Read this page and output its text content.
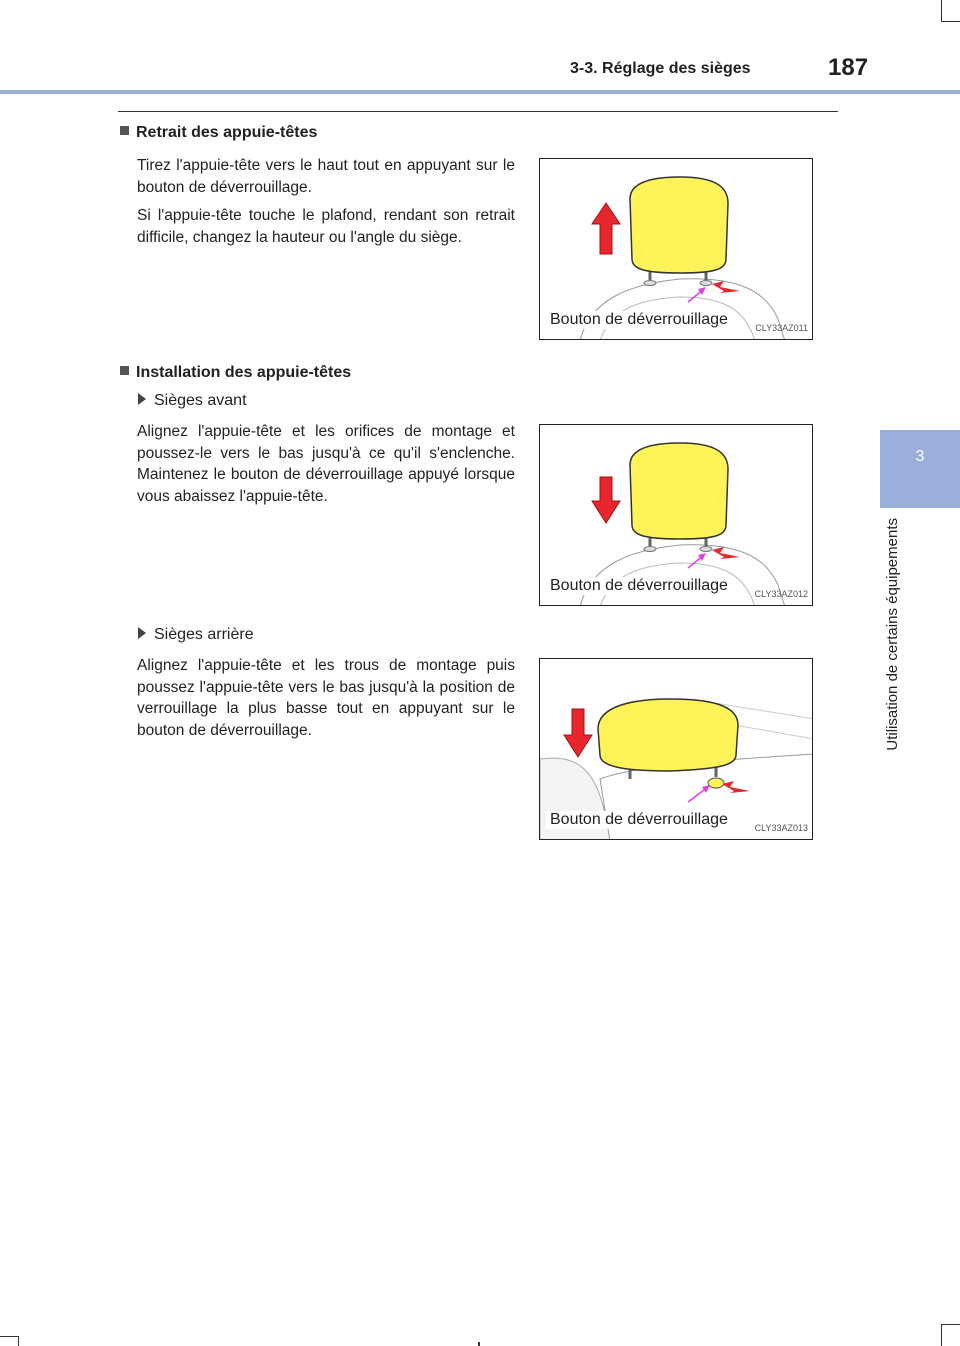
3-3. Réglage des sièges	187
3
Utilisation de certains équipements
Retrait des appuie-têtes
Tirez l'appuie-tête vers le haut tout en appuyant sur le bouton de déverrouillage.
Si l'appuie-tête touche le plafond, rendant son retrait difficile, changez la hauteur ou l'angle du siège.
Bouton de déverrouillage	CLY33AZ011
Installation des appuie-têtes
Sièges avant
Alignez l'appuie-tête et les orifices de montage et poussez-le vers le bas jusqu'à ce qu'il s'enclenche. Maintenez le bouton de déverrouillage appuyé lorsque vous abaissez l'appuie-tête.
Bouton de déverrouillage	CLY33AZ012
Sièges arrière
Alignez l'appuie-tête et les trous de montage puis poussez l'appuie-tête vers le bas jusqu'à la position de verrouillage la plus basse tout en appuyant sur le bouton de déverrouillage.
Bouton de déverrouillage	CLY33AZ013
